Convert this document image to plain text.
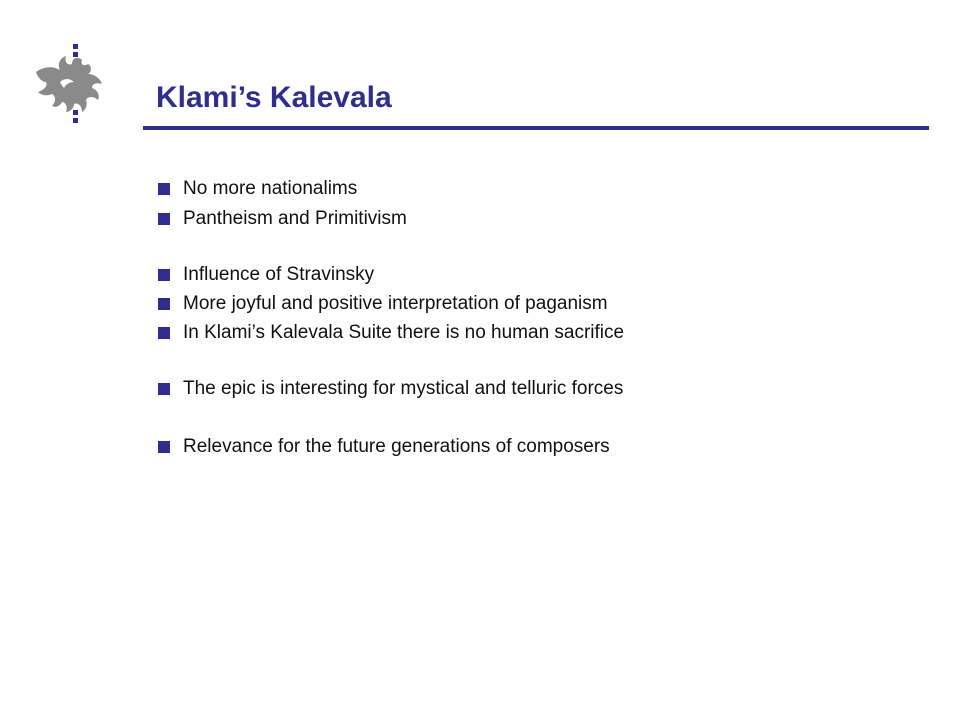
Klami’s Kalevala
No more nationalims
Pantheism and Primitivism
Influence of Stravinsky
More joyful and positive interpretation of paganism
In Klami’s Kalevala Suite there is no human sacrifice
The epic is interesting for mystical and telluric forces
Relevance for the future generations of composers
